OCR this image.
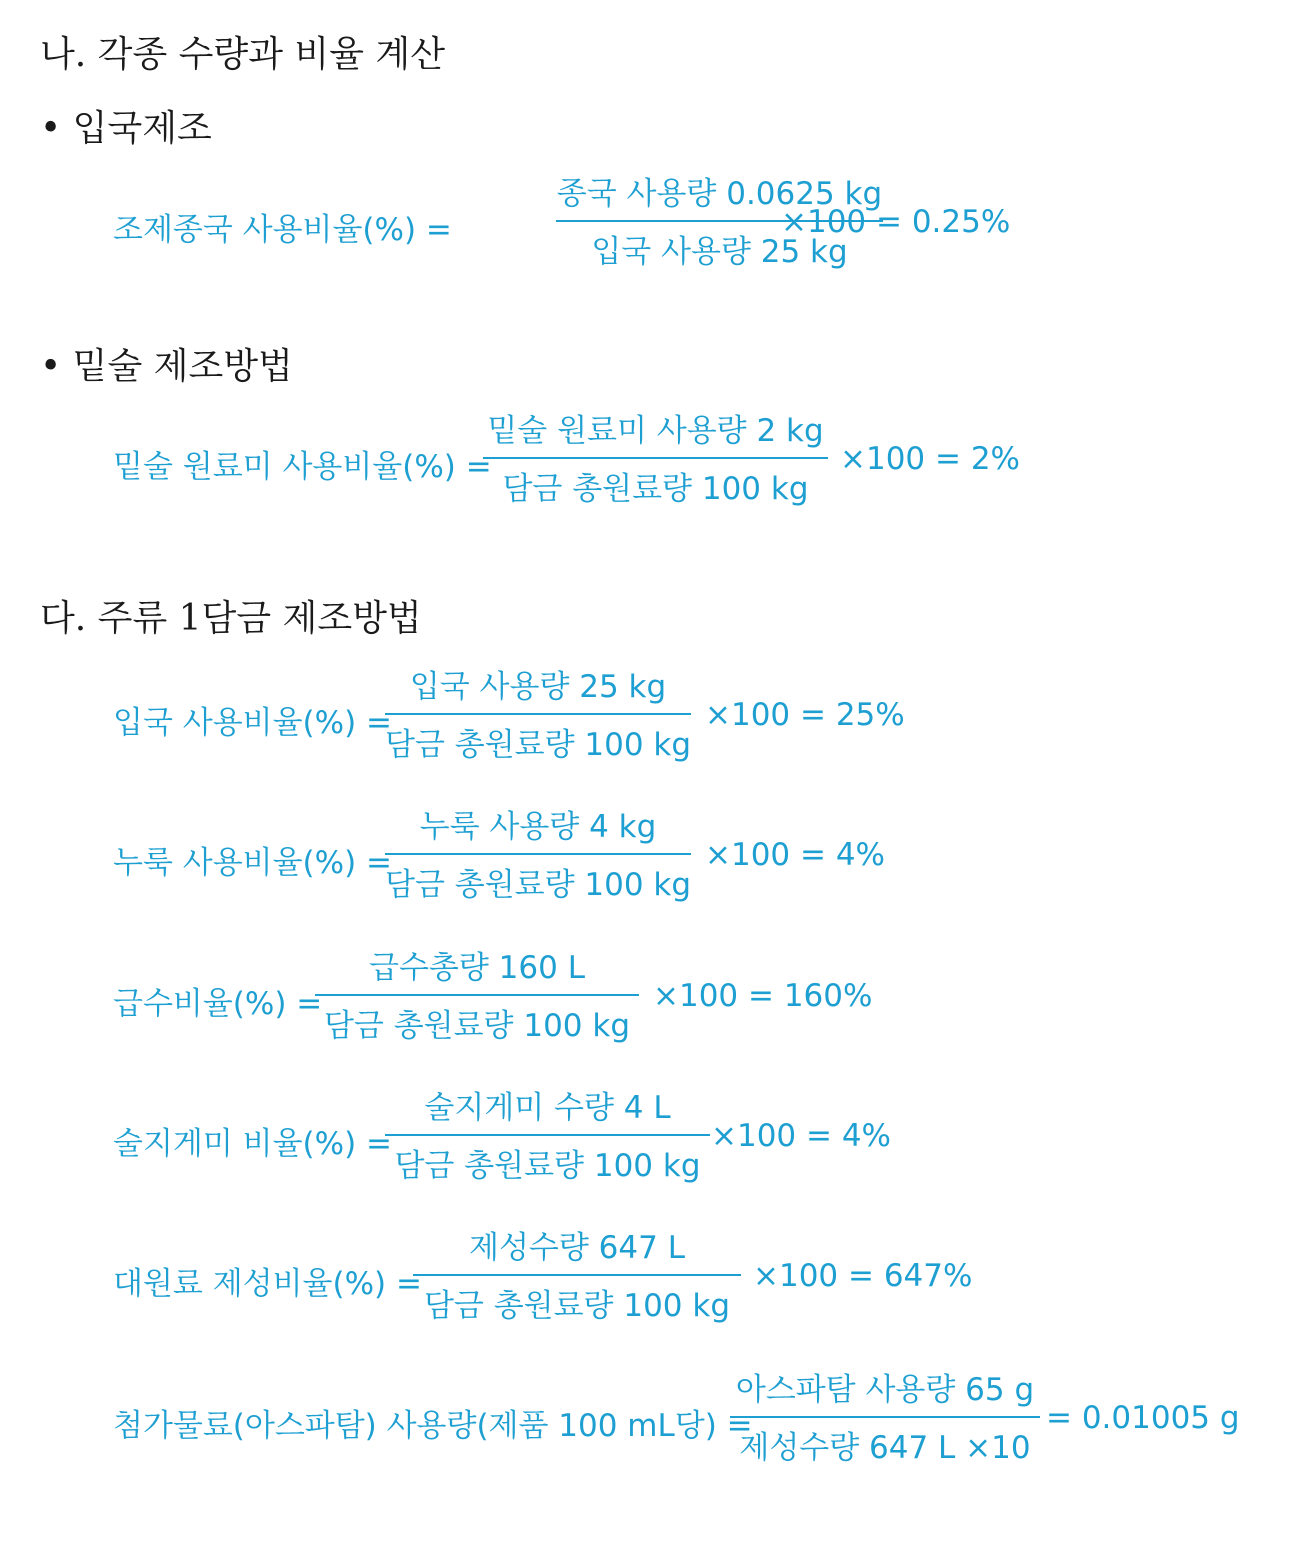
나. 각종 수량과 비율 계산
• 입국제조
조제종국 사용비율(%) =
종국 사용량 0.0625 kg
입국 사용량 25 kg
×100 = 0.25%
• 밑술 제조방법
밑술 원료미 사용비율(%) =
밑술 원료미 사용량 2 kg
담금 총원료량 100 kg
×100 = 2%
다. 주류 1담금 제조방법
입국 사용비율(%) =
입국 사용량 25 kg
담금 총원료량 100 kg
×100 = 25%
누룩 사용비율(%) =
누룩 사용량 4 kg
담금 총원료량 100 kg
×100 = 4%
급수비율(%) =
급수총량 160 L
담금 총원료량 100 kg
×100 = 160%
술지게미 비율(%) =
술지게미 수량 4 L
담금 총원료량 100 kg
×100 = 4%
대원료 제성비율(%) =
제성수량 647 L
담금 총원료량 100 kg
×100 = 647%
첨가물료(아스파탐) 사용량(제품 100 mL당) =
아스파탐 사용량 65 g
제성수량 647 L ×10
= 0.01005 g
